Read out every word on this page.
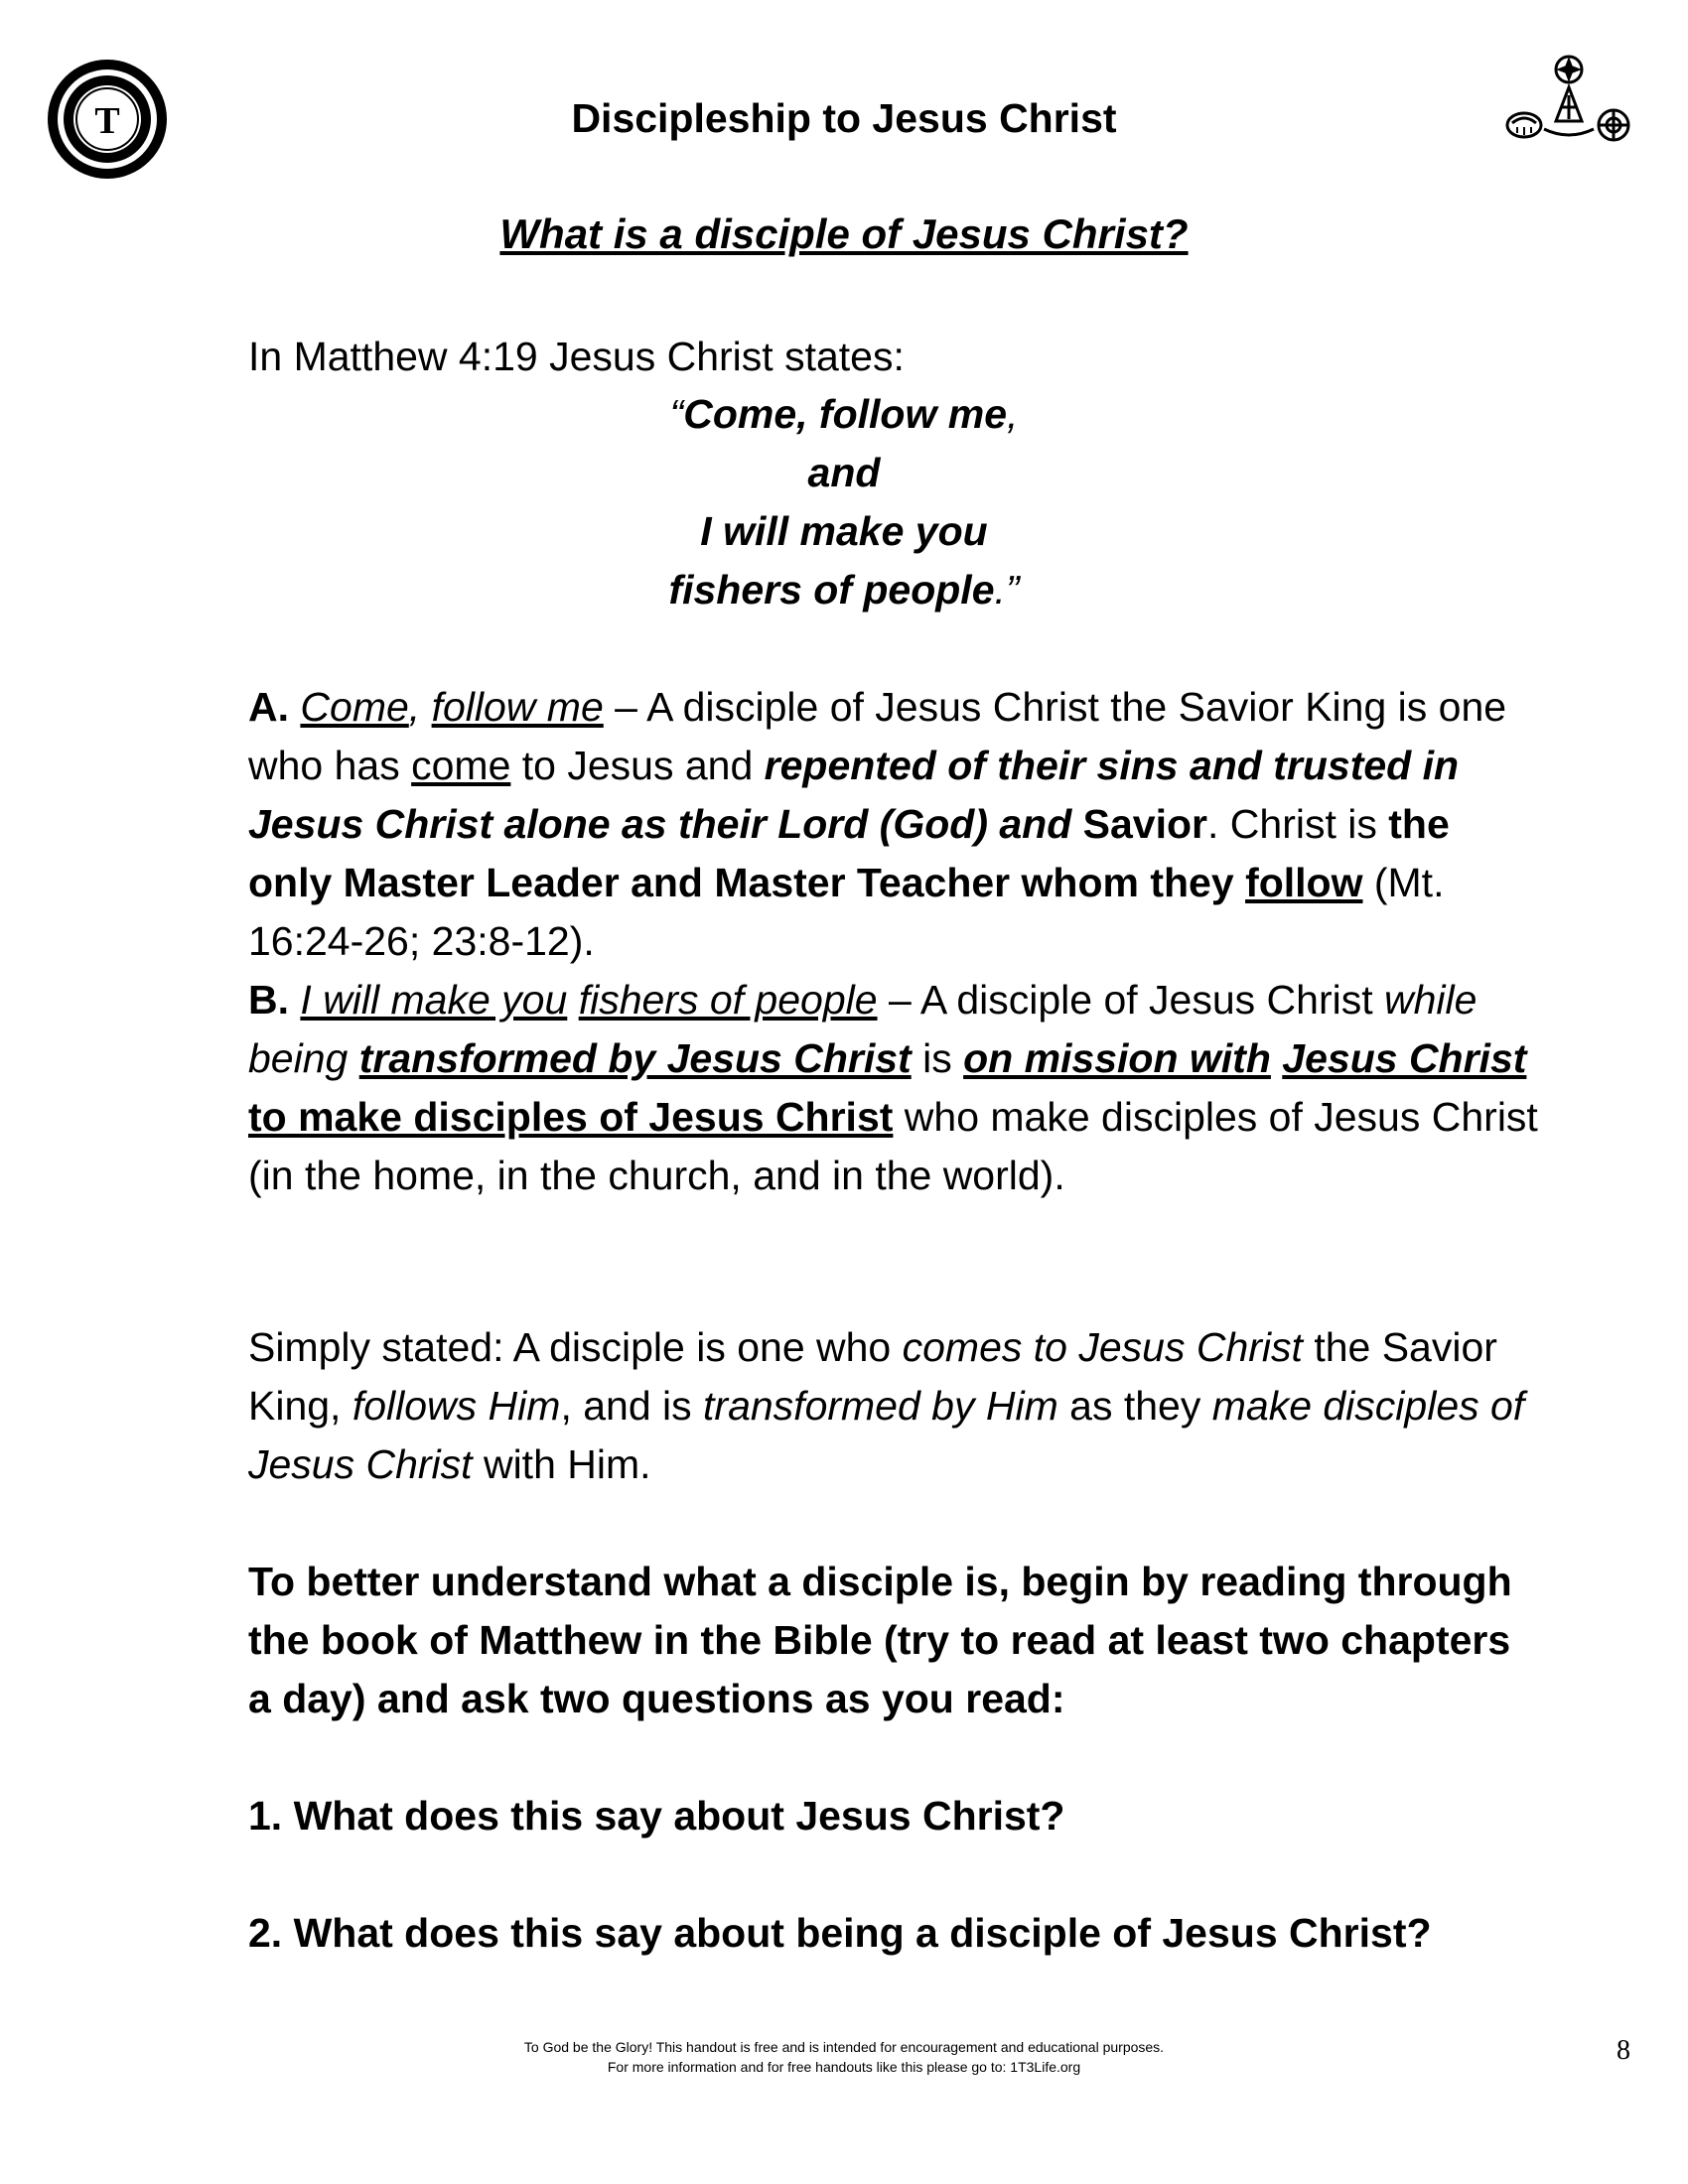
T	Discipleship to Jesus Christ
What is a disciple of Jesus Christ?
In Matthew 4:19 Jesus Christ states:
“Come, follow me,
and
I will make you
fishers of people.”
A. Come, follow me – A disciple of Jesus Christ the Savior King is one who has come to Jesus and repented of their sins and trusted in Jesus Christ alone as their Lord (God) and Savior. Christ is the only Master Leader and Master Teacher whom they follow (Mt. 16:24-26; 23:8-12).
B. I will make you fishers of people – A disciple of Jesus Christ while being transformed by Jesus Christ is on mission with Jesus Christ to make disciples of Jesus Christ who make disciples of Jesus Christ (in the home, in the church, and in the world).
Simply stated: A disciple is one who comes to Jesus Christ the Savior King, follows Him, and is transformed by Him as they make disciples of Jesus Christ with Him.
To better understand what a disciple is, begin by reading through the book of Matthew in the Bible (try to read at least two chapters a day) and ask two questions as you read:
1. What does this say about Jesus Christ?
2. What does this say about being a disciple of Jesus Christ?
To God be the Glory! This handout is free and is intended for encouragement and educational purposes.
For more information and for free handouts like this please go to: 1T3Life.org
8
